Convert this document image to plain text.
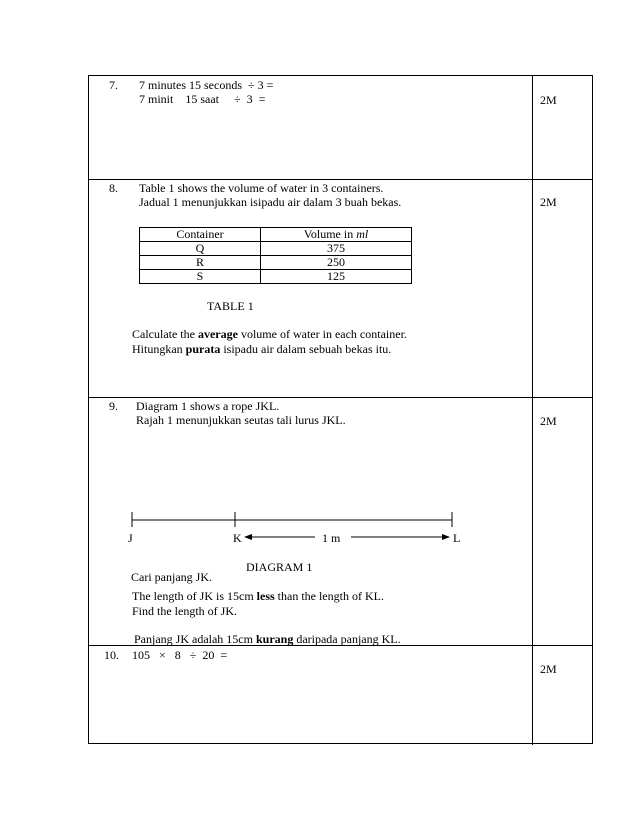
7. 7 minutes 15 seconds  ÷ 3 =
7 minit    15 saat     ÷  3  =	2M
8. Table 1 shows the volume of water in 3 containers.
Jadual 1 menunjukkan isipadu air dalam 3 buah bekas.	2M
Container	Volume in ml
Q	375
R	250
S	125
TABLE 1
Calculate the average volume of water in each container.
Hitungkan purata isipadu air dalam sebuah bekas itu.
9. Diagram 1 shows a rope JKL.
Rajah 1 menunjukkan seutas tali lurus JKL.	2M
J	K	1 m	L
DIAGRAM 1
The length of JK is 15cm less than the length of KL.
Find the length of JK.
Panjang JK adalah 15cm kurang daripada panjang KL.
10. 105   ×   8   ÷  20  =
2M
Cari panjang JK.
